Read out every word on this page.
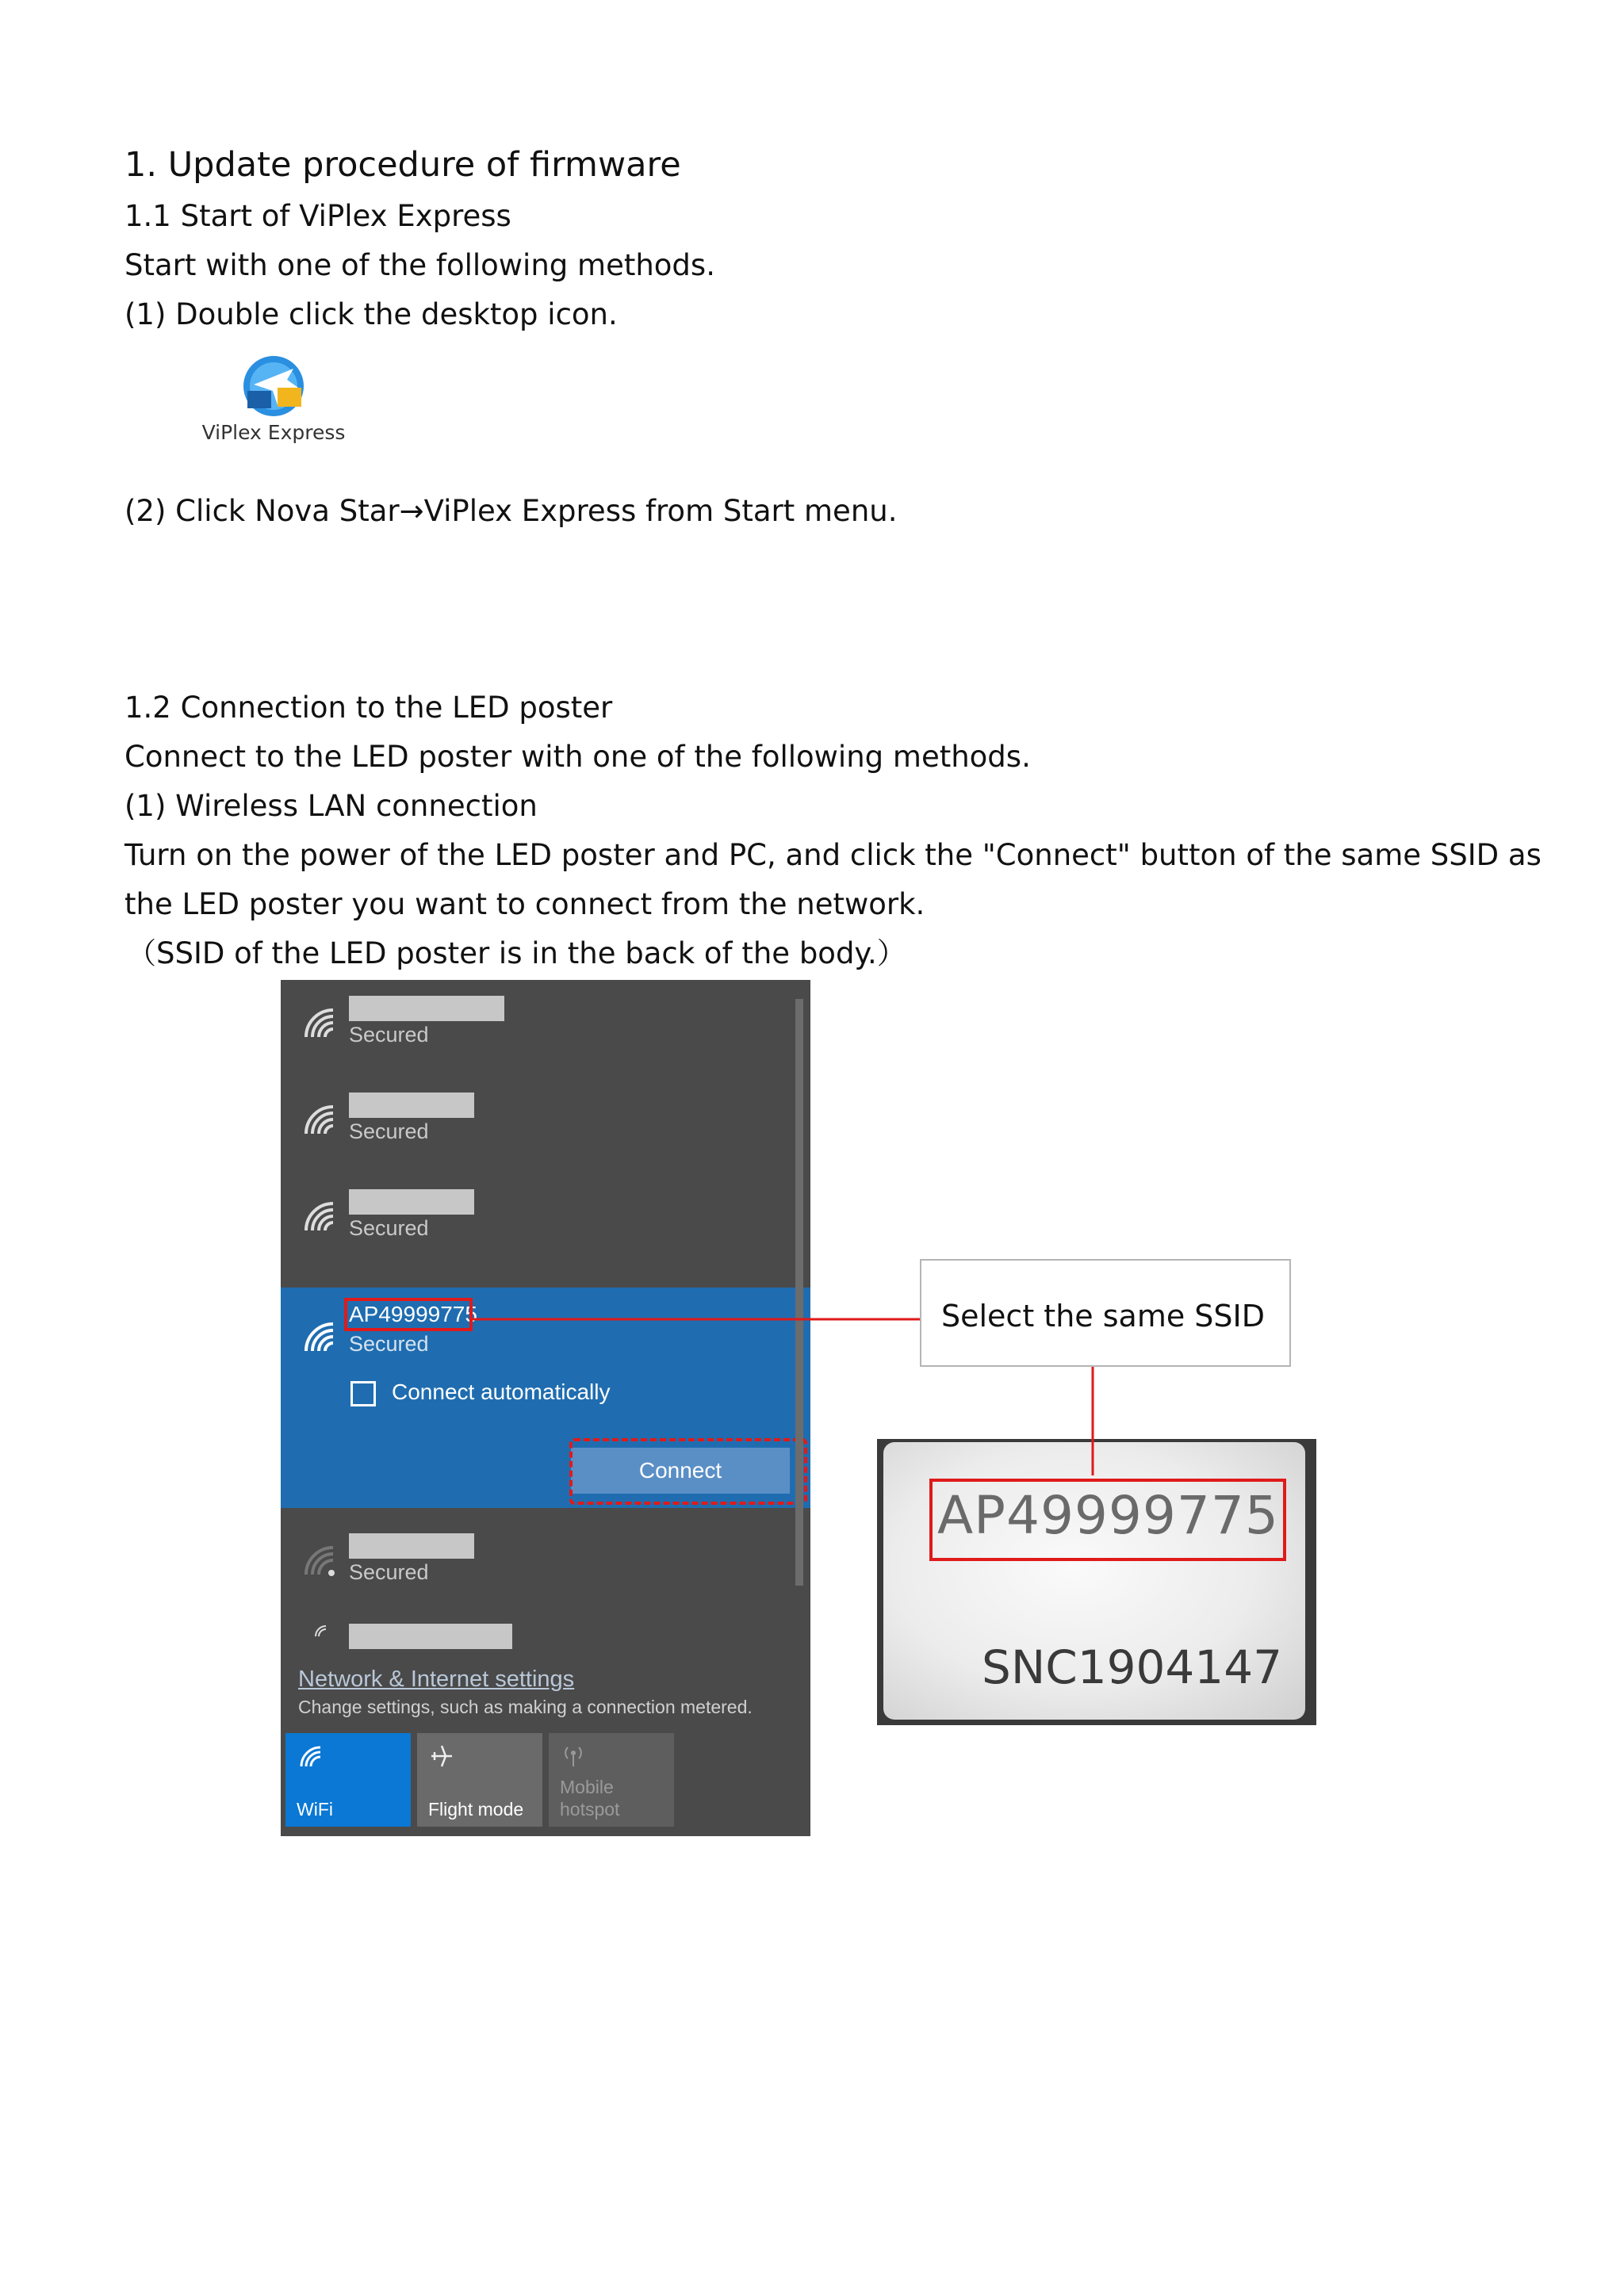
1. Update procedure of firmware
1.1 Start of ViPlex Express
Start with one of the following methods.
(1) Double click the desktop icon.
ViPlex Express
(2) Click Nova Star→ViPlex Express from Start menu.
1.2 Connection to the LED poster
Connect to the LED poster with one of the following methods.
(1) Wireless LAN connection
Turn on the power of the LED poster and PC, and click the "Connect" button of the same SSID as
the LED poster you want to connect from the network.
（SSID of the LED poster is in the back of the body.）
Secured
Secured
Secured
AP49999775
Secured
Connect automatically
Connect
Secured
Network & Internet settings
Change settings, such as making a connection metered.
WiFi	Flight mode
Mobile
hotspot
Select the same SSID
AP49999775
SNC1904147
